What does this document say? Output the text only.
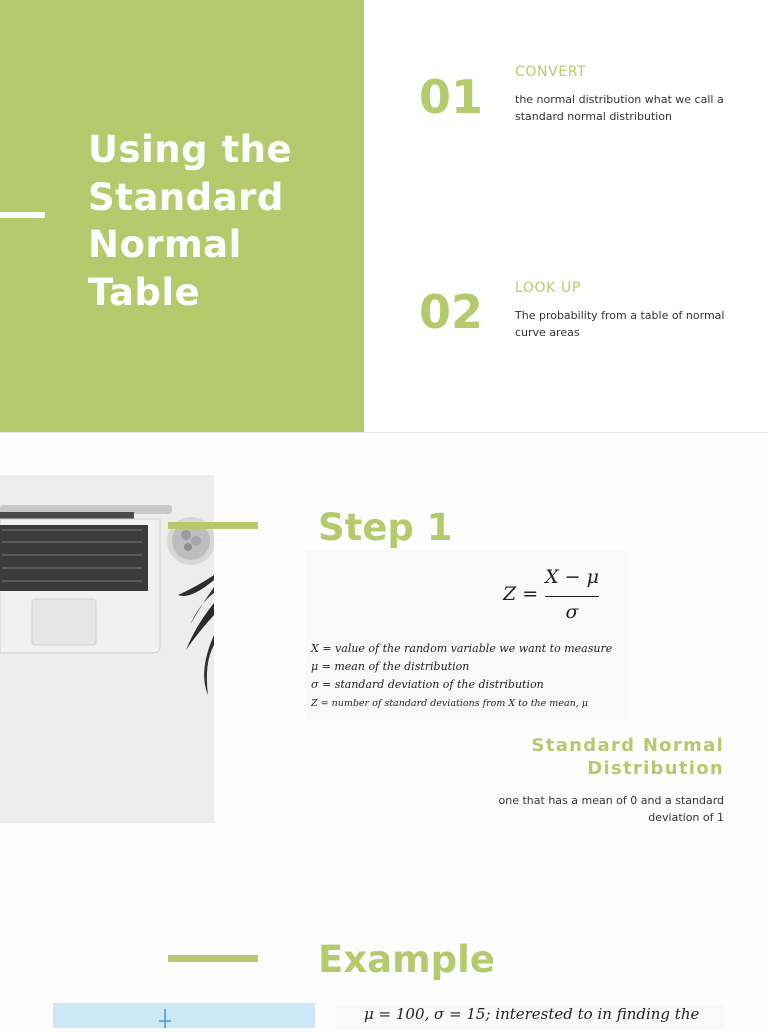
Using the
Standard
Normal
Table
01 CONVERT
the normal distribution what we call a standard normal distribution
02 LOOK UP
The probability from a table of normal curve areas
Step 1
Z =
X − μ
σ
X = value of the random variable we want to measure
μ = mean of the distribution
σ = standard deviation of the distribution
Z = number of standard deviations from X to the mean, μ
Standard Normal Distribution
one that has a mean of 0 and a standard deviation of 1
Example
μ = 100, σ = 15; interested to in finding the
